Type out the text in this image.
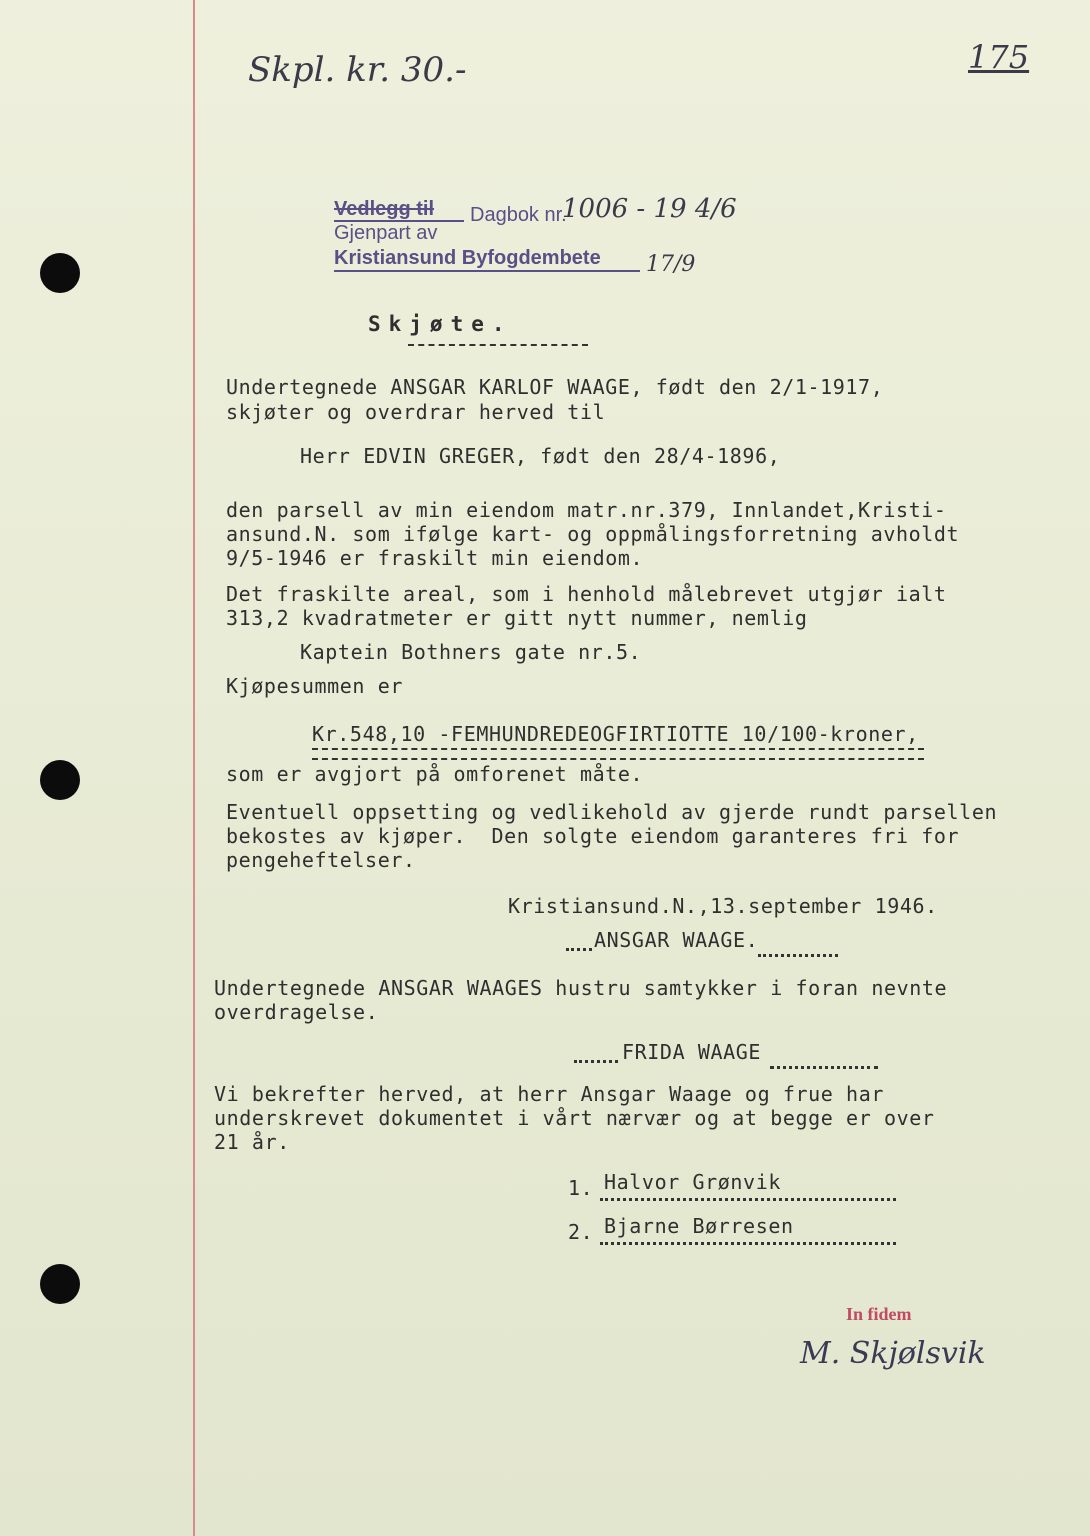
Skpl. kr. 30.-	175
Vedlegg til Dagbok nr.
1006 - 19 4/6
Gjenpart av
Kristiansund Byfogdembete 17/9
Skjøte.
Undertegnede ANSGAR KARLOF WAAGE, født den 2/1-1917,
skjøter og overdrar herved til
Herr EDVIN GREGER, født den 28/4-1896,
den parsell av min eiendom matr.nr.379, Innlandet,Kristi-
ansund.N. som ifølge kart- og oppmålingsforretning avholdt
9/5-1946 er fraskilt min eiendom.
Det fraskilte areal, som i henhold målebrevet utgjør ialt
313,2 kvadratmeter er gitt nytt nummer, nemlig
Kaptein Bothners gate nr.5.
Kjøpesummen er
Kr.548,10 -FEMHUNDREDEOGFIRTIOTTE 10/100-kroner,
som er avgjort på omforenet måte.
Eventuell oppsetting og vedlikehold av gjerde rundt parsellen
bekostes av kjøper.  Den solgte eiendom garanteres fri for
pengeheftelser.
Kristiansund.N.,13.september 1946.
ANSGAR WAAGE.
Undertegnede ANSGAR WAAGES hustru samtykker i foran nevnte
overdragelse.
FRIDA WAAGE
Vi bekrefter herved, at herr Ansgar Waage og frue har
underskrevet dokumentet i vårt nærvær og at begge er over
21 år.
1. Halvor Grønvik
2. Bjarne Børresen
In fidem
M. Skjølsvik
